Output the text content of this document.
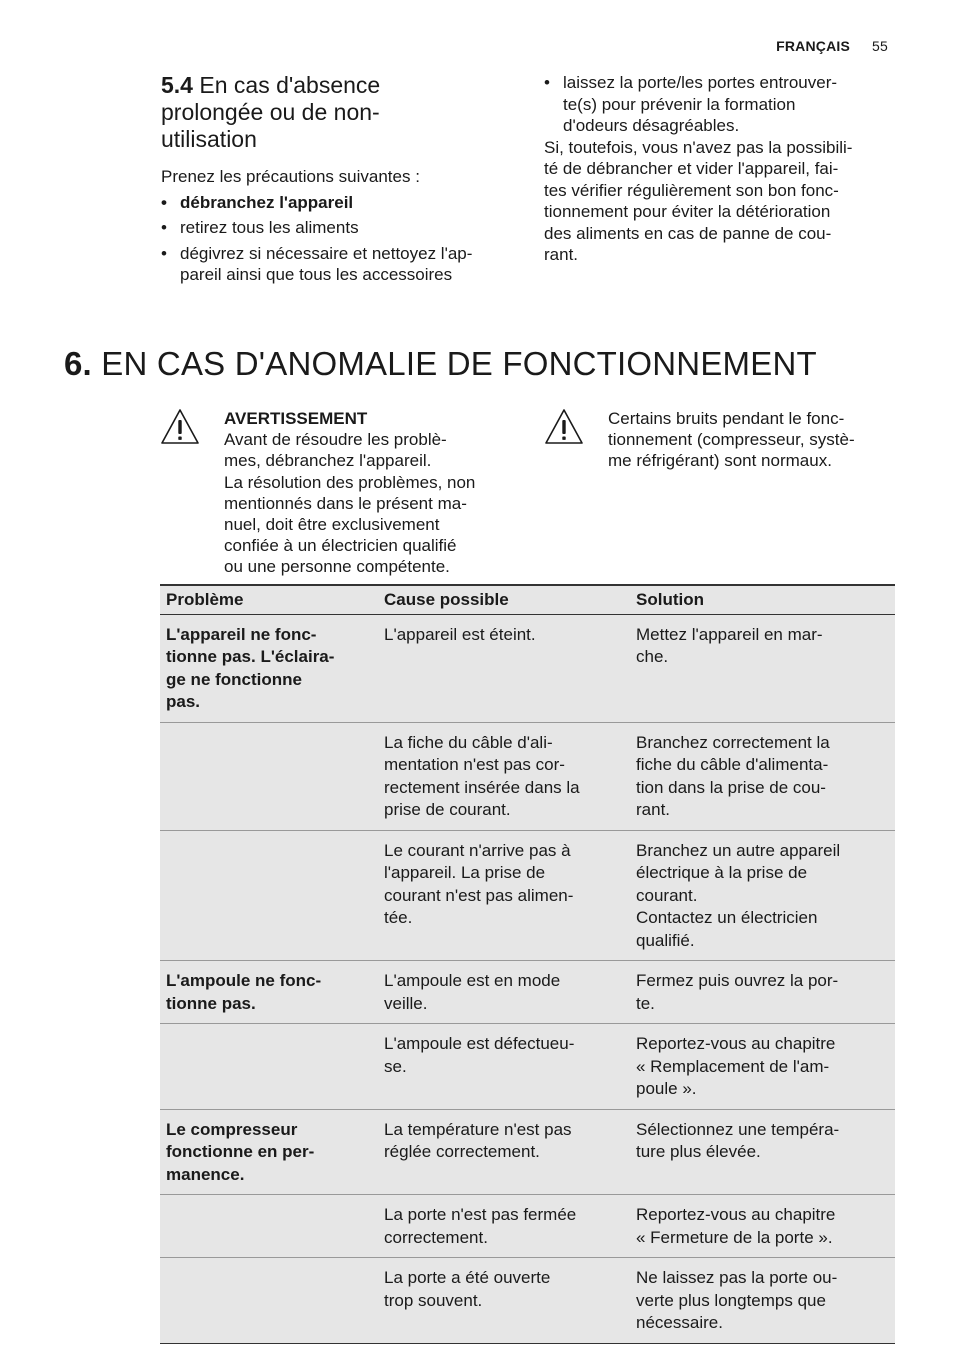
FRANÇAIS 55
5.4 En cas d'absence
prolongée ou de non-
utilisation

Prenez les précautions suivantes :

• débranchez l'appareil
• retirez tous les aliments
• dégivrez si nécessaire et nettoyez l'ap-
pareil ainsi que tous les accessoires
• laissez la porte/les portes entrouver-
te(s) pour prévenir la formation
d'odeurs désagréables.

Si, toutefois, vous n'avez pas la possibili-
té de débrancher et vider l'appareil, fai-
tes vérifier régulièrement son bon fonc-
tionnement pour éviter la détérioration
des aliments en cas de panne de cou-
rant.

6. EN CAS D'ANOMALIE DE FONCTIONNEMENT
AVERTISSEMENT
Avant de résoudre les problè-
mes, débranchez l'appareil.
La résolution des problèmes, non
mentionnés dans le présent ma-
nuel, doit être exclusivement
confiée à un électricien qualifié
ou une personne compétente.
Certains bruits pendant le fonc-
tionnement (compresseur, systè-
me réfrigérant) sont normaux.
Problème	Cause possible	Solution
L'appareil ne fonc-
tionne pas. L'éclaira-
ge ne fonctionne
pas.	L'appareil est éteint.	Mettez l'appareil en mar-
che.
	La fiche du câble d'ali-
mentation n'est pas cor-
rectement insérée dans la
prise de courant.	Branchez correctement la
fiche du câble d'alimenta-
tion dans la prise de cou-
rant.
	Le courant n'arrive pas à
l'appareil. La prise de
courant n'est pas alimen-
tée.	Branchez un autre appareil
électrique à la prise de
courant.
Contactez un électricien
qualifié.
L'ampoule ne fonc-
tionne pas.	L'ampoule est en mode
veille.	Fermez puis ouvrez la por-
te.
	L'ampoule est défectueu-
se.	Reportez-vous au chapitre
« Remplacement de l'am-
poule ».
Le compresseur
fonctionne en per-
manence.	La température n'est pas
réglée correctement.	Sélectionnez une tempéra-
ture plus élevée.
	La porte n'est pas fermée
correctement.	Reportez-vous au chapitre
« Fermeture de la porte ».
	La porte a été ouverte
trop souvent.	Ne laissez pas la porte ou-
verte plus longtemps que
nécessaire.
